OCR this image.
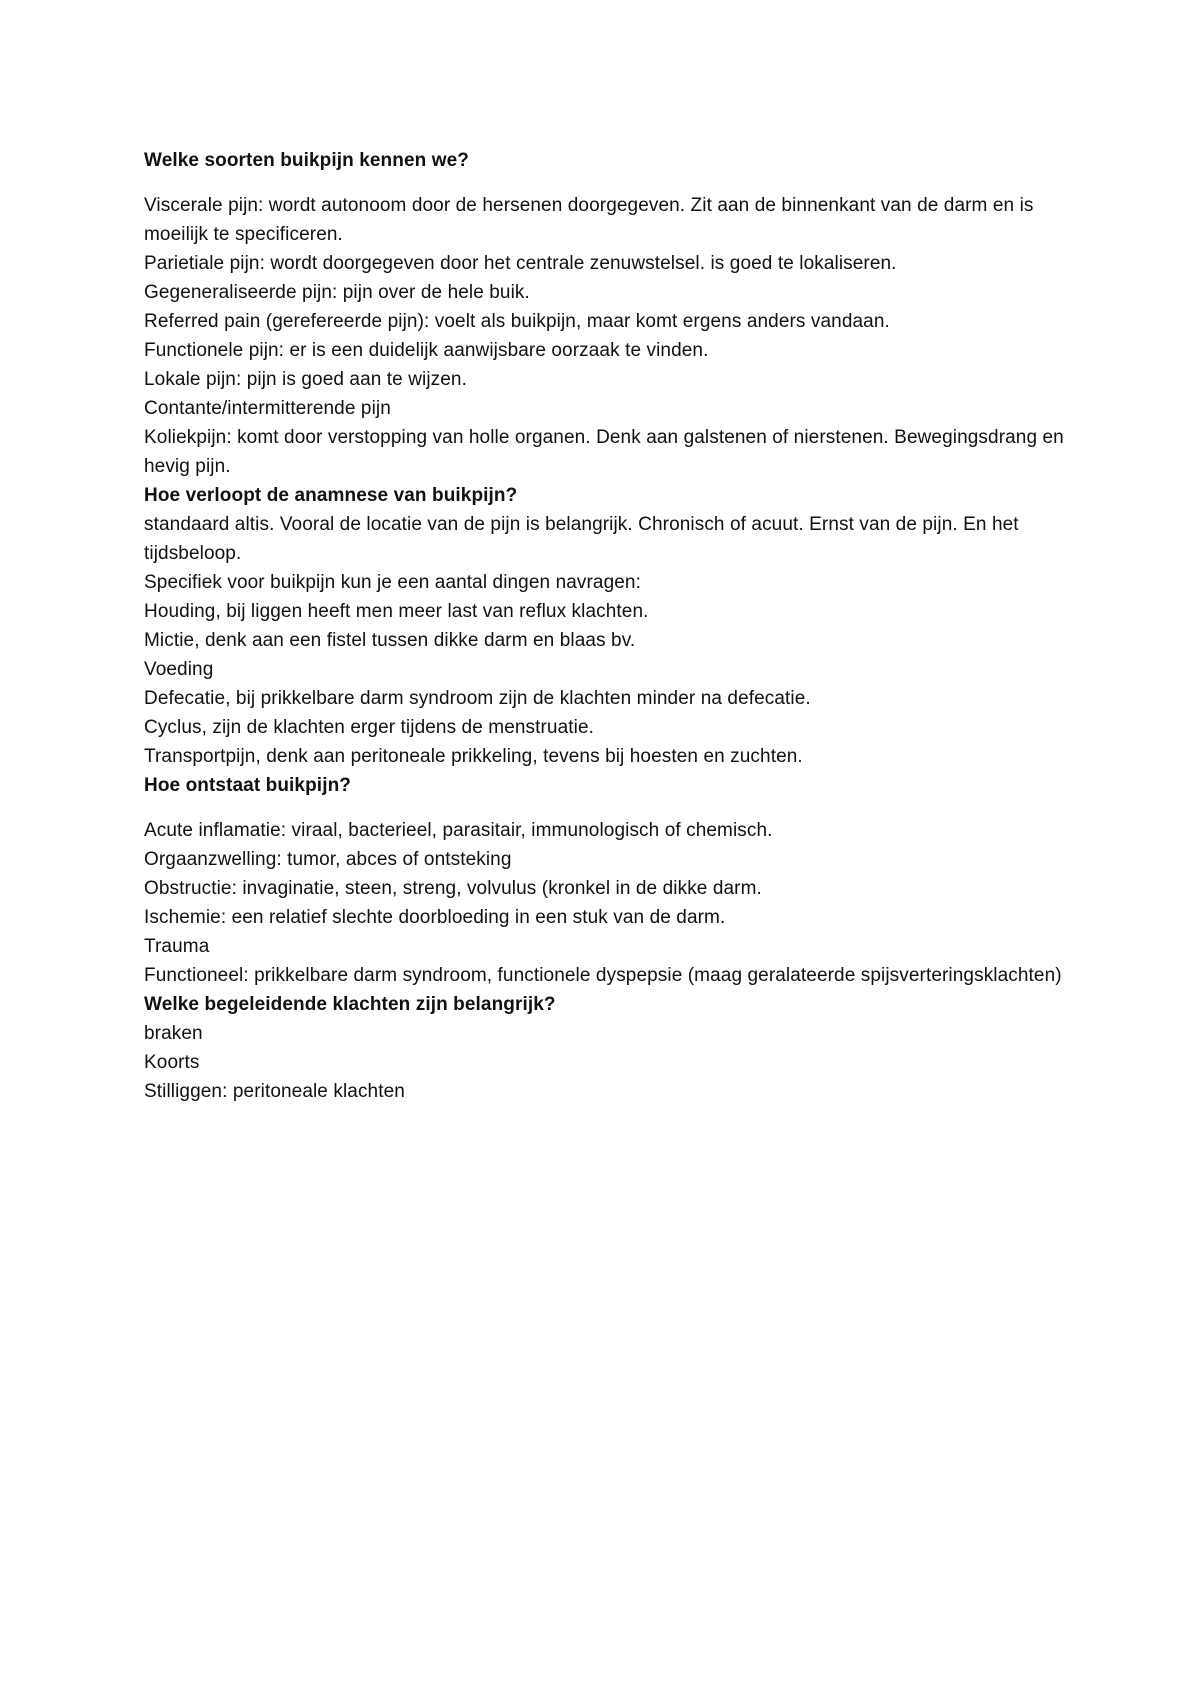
Welke soorten buikpijn kennen we?

Viscerale pijn: wordt autonoom door de hersenen doorgegeven. Zit aan de binnenkant van de darm en is moeilijk te specificeren.

Parietiale pijn: wordt doorgegeven door het centrale zenuwstelsel. is goed te lokaliseren.

Gegeneraliseerde pijn: pijn over de hele buik.

Referred pain (gerefereerde pijn): voelt als buikpijn, maar komt ergens anders vandaan.

Functionele pijn: er is een duidelijk aanwijsbare oorzaak te vinden.

Lokale pijn: pijn is goed aan te wijzen.

Contante/intermitterende pijn

Koliekpijn: komt door verstopping van holle organen. Denk aan galstenen of nierstenen. Bewegingsdrang en hevig pijn.

Hoe verloopt de anamnese van buikpijn?

standaard altis. Vooral de locatie van de pijn is belangrijk. Chronisch of acuut. Ernst van de pijn. En het tijdsbeloop.

Specifiek voor buikpijn kun je een aantal dingen navragen:

Houding, bij liggen heeft men meer last van reflux klachten.

Mictie, denk aan een fistel tussen dikke darm en blaas bv.

Voeding

Defecatie, bij prikkelbare darm syndroom zijn de klachten minder na defecatie.

Cyclus, zijn de klachten erger tijdens de menstruatie.

Transportpijn, denk aan peritoneale prikkeling, tevens bij hoesten en zuchten.

Hoe ontstaat buikpijn?

Acute inflamatie: viraal, bacterieel, parasitair, immunologisch of chemisch.

Orgaanzwelling: tumor, abces of ontsteking

Obstructie: invaginatie, steen, streng, volvulus (kronkel in de dikke darm.

Ischemie: een relatief slechte doorbloeding in een stuk van de darm.

Trauma

Functioneel: prikkelbare darm syndroom, functionele dyspepsie (maag geralateerde spijsverteringsklachten)

Welke begeleidende klachten zijn belangrijk?

braken

Koorts

Stilliggen: peritoneale klachten
